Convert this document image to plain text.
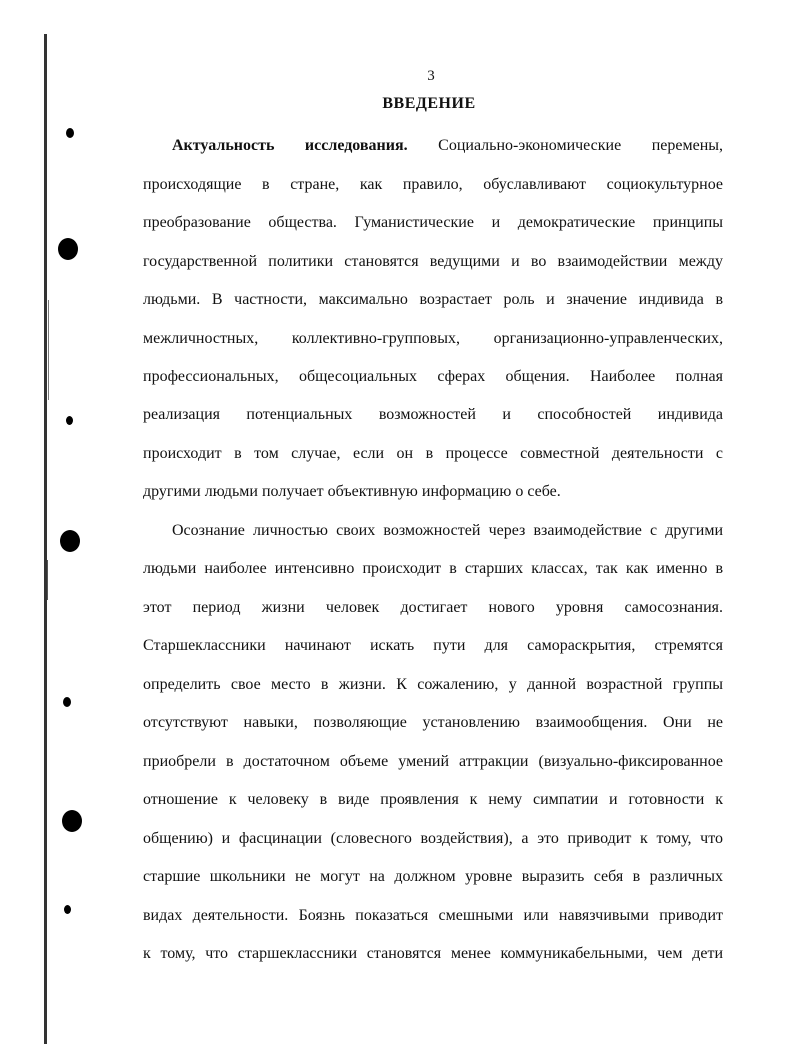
3
ВВЕДЕНИЕ
Актуальность исследования. Социально-экономические перемены,
происходящие в стране, как правило, обуславливают социокультурное
преобразование общества. Гуманистические и демократические принципы
государственной политики становятся ведущими и во взаимодействии между
людьми. В частности, максимально возрастает роль и значение индивида в
межличностных, коллективно-групповых, организационно-управленческих,
профессиональных, общесоциальных сферах общения. Наиболее полная
реализация потенциальных возможностей и способностей индивида
происходит в том случае, если он в процессе совместной деятельности с
другими людьми получает объективную информацию о себе.
Осознание личностью своих возможностей через взаимодействие с другими
людьми наиболее интенсивно происходит в старших классах, так как именно в
этот период жизни человек достигает нового уровня самосознания.
Старшеклассники начинают искать пути для самораскрытия, стремятся
определить свое место в жизни. К сожалению, у данной возрастной группы
отсутствуют навыки, позволяющие установлению взаимообщения. Они не
приобрели в достаточном объеме умений аттракции (визуально-фиксированное
отношение к человеку в виде проявления к нему симпатии и готовности к
общению) и фасцинации (словесного воздействия), а это приводит к тому, что
старшие школьники не могут на должном уровне выразить себя в различных
видах деятельности. Боязнь показаться смешными или навязчивыми приводит
к тому, что старшеклассники становятся менее коммуникабельными, чем дети
